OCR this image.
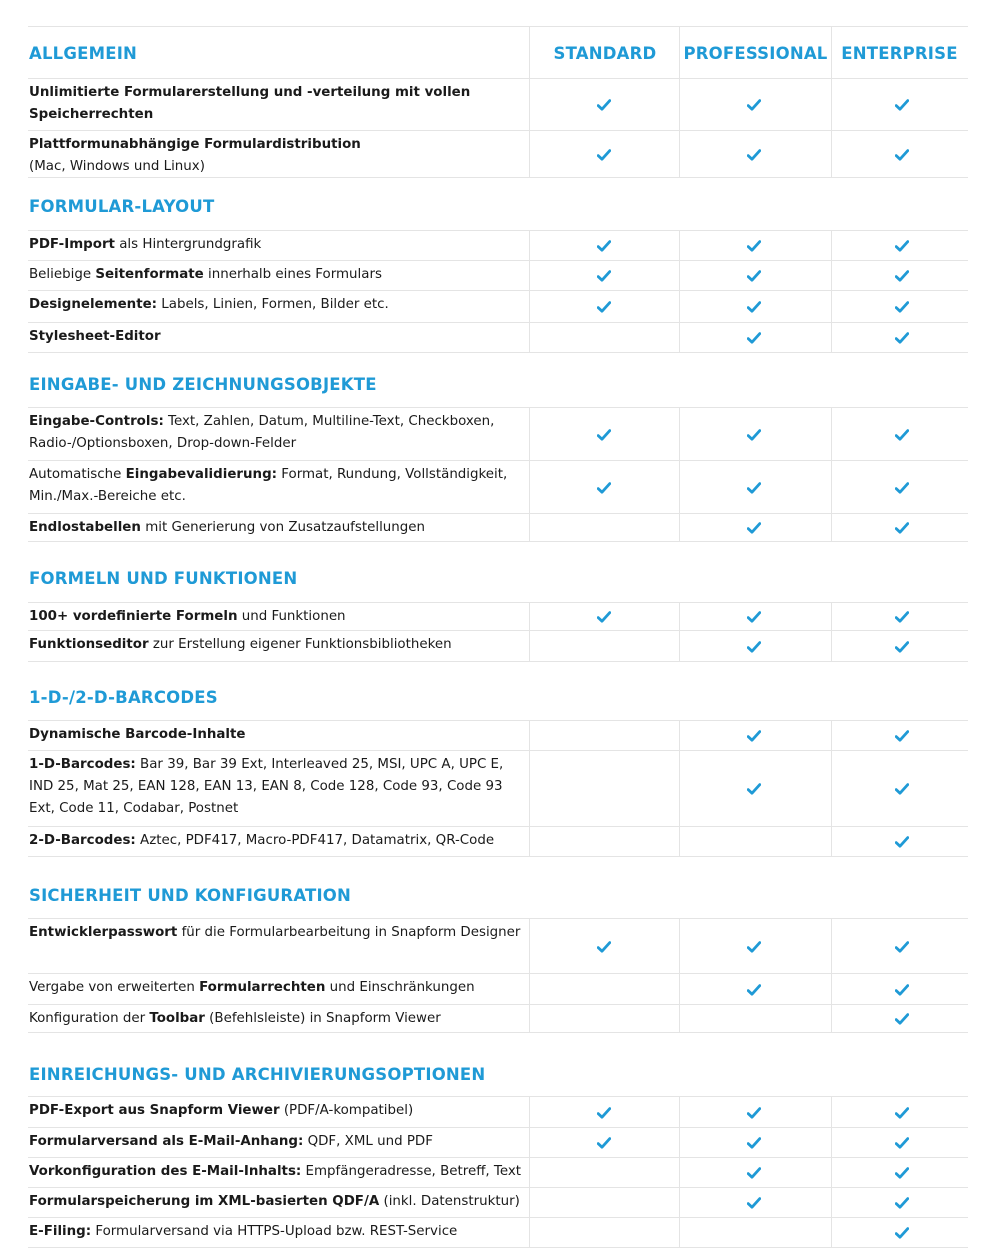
STANDARD	PROFESSIONAL ENTERPRISE
ALLGEMEIN
Unlimitierte Formularerstellung und -verteilung mit vollen Speicherrechten
Plattformunabhängige Formulardistribution
(Mac, Windows und Linux)
FORMULAR-LAYOUT
PDF-Import als Hintergrundgrafik
Beliebige Seitenformate innerhalb eines Formulars
Designelemente: Labels, Linien, Formen, Bilder etc.
Stylesheet-Editor
EINGABE- UND ZEICHNUNGSOBJEKTE
Eingabe-Controls: Text, Zahlen, Datum, Multiline-Text, Checkboxen, Radio-/Optionsboxen, Drop-down-Felder
Automatische Eingabevalidierung: Format, Rundung, Vollständigkeit, Min./Max.-Bereiche etc.
Endlostabellen mit Generierung von Zusatzaufstellungen
FORMELN UND FUNKTIONEN
100+ vordefinierte Formeln und Funktionen
Funktionseditor zur Erstellung eigener Funktionsbibliotheken
1-D-/2-D-BARCODES
Dynamische Barcode-Inhalte
1-D-Barcodes: Bar 39, Bar 39 Ext, Interleaved 25, MSI, UPC A, UPC E, IND 25, Mat 25, EAN 128, EAN 13, EAN 8, Code 128, Code 93, Code 93 Ext, Code 11, Codabar, Postnet
2-D-Barcodes: Aztec, PDF417, Macro-PDF417, Datamatrix, QR-Code
SICHERHEIT UND KONFIGURATION
Entwicklerpasswort für die Formularbearbeitung in Snapform Designer
Vergabe von erweiterten Formularrechten und Einschränkungen
Konfiguration der Toolbar (Befehlsleiste) in Snapform Viewer
EINREICHUNGS- UND ARCHIVIERUNGSOPTIONEN
PDF-Export aus Snapform Viewer (PDF/A-kompatibel)
Formularversand als E-Mail-Anhang: QDF, XML und PDF
Vorkonfiguration des E-Mail-Inhalts: Empfängeradresse, Betreff, Text
Formularspeicherung im XML-basierten QDF/A (inkl. Datenstruktur)
E-Filing: Formularversand via HTTPS-Upload bzw. REST-Service
